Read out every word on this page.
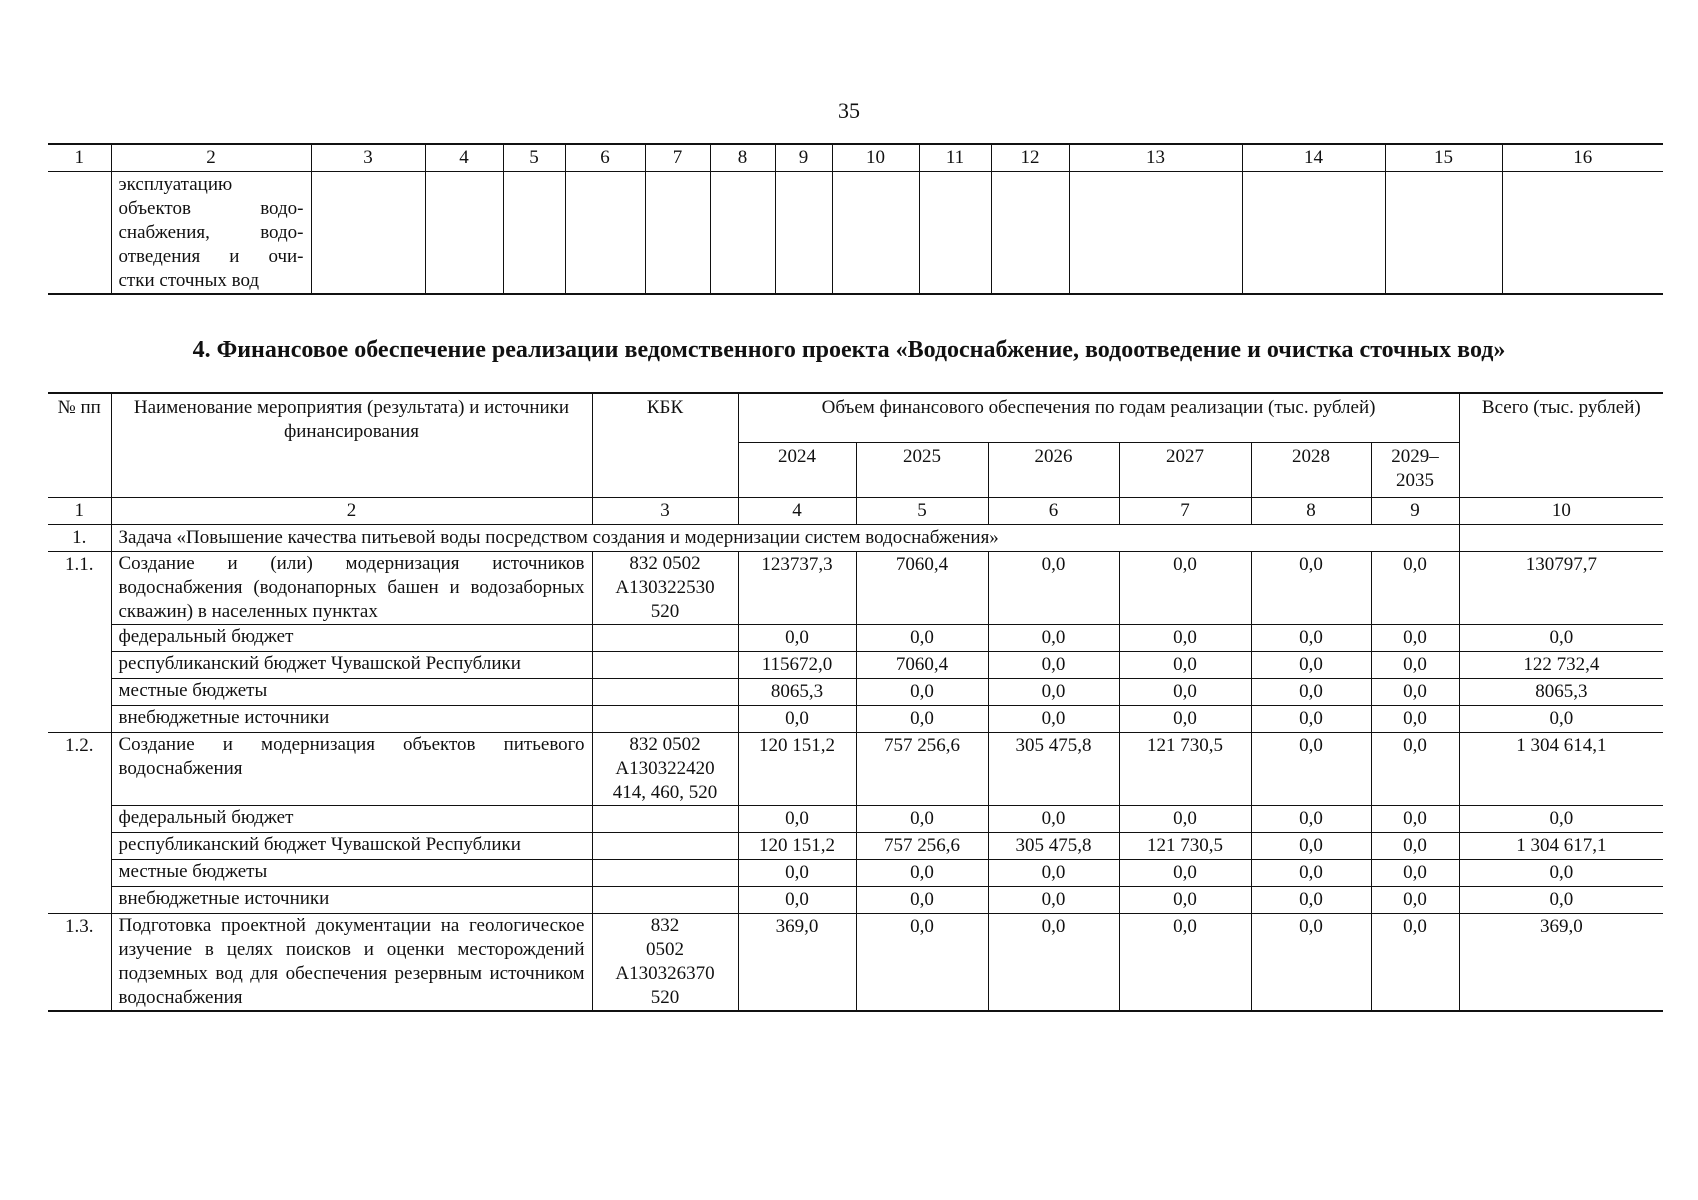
35
1	2	3	4	5	6	7	8	9	10	11	12	13	14	15	16

	эксплуатацию
объектов водо-
снабжения, водо-
отведения и очи-
стки сточных вод														

4. Финансовое обеспечение реализации ведомственного проекта «Водоснабжение, водоотведение и очистка сточных вод»
№ пп	Наименование мероприятия (результата) и источники финансирования	КБК	Объем финансового обеспечения по годам реализации (тыс. рублей)						Всего (тыс. рублей)
			2024	2025	2026	2027	2028	2029–2035	
1	2	3	4	5	6	7	8	9	10
1.	Задача «Повышение качества питьевой воды посредством создания и модернизации систем водоснабжения»								
1.1.	Создание и (или) модернизация источников водоснабжения (водонапорных башен и водозаборных скважин) в населенных пунктах	832 0502
А130322530
520	123737,3	7060,4	0,0	0,0	0,0	0,0	130797,7
	федеральный бюджет		0,0	0,0	0,0	0,0	0,0	0,0	0,0
	республиканский бюджет Чувашской Республики		115672,0	7060,4	0,0	0,0	0,0	0,0	122 732,4
	местные бюджеты		8065,3	0,0	0,0	0,0	0,0	0,0	8065,3
	внебюджетные источники		0,0	0,0	0,0	0,0	0,0	0,0	0,0
1.2.	Создание и модернизация объектов питьевого водоснабжения	832 0502
А130322420
414, 460, 520	120 151,2	757 256,6	305 475,8	121 730,5	0,0	0,0	1 304 614,1
	федеральный бюджет		0,0	0,0	0,0	0,0	0,0	0,0	0,0
	республиканский бюджет Чувашской Республики		120 151,2	757 256,6	305 475,8	121 730,5	0,0	0,0	1 304 617,1
	местные бюджеты		0,0	0,0	0,0	0,0	0,0	0,0	0,0
	внебюджетные источники		0,0	0,0	0,0	0,0	0,0	0,0	0,0
1.3.	Подготовка проектной документации на геологическое изучение в целях поисков и оценки месторождений подземных вод для обеспечения резервным источником водоснабжения	832
0502
А130326370
520	369,0	0,0	0,0	0,0	0,0	0,0	369,0
